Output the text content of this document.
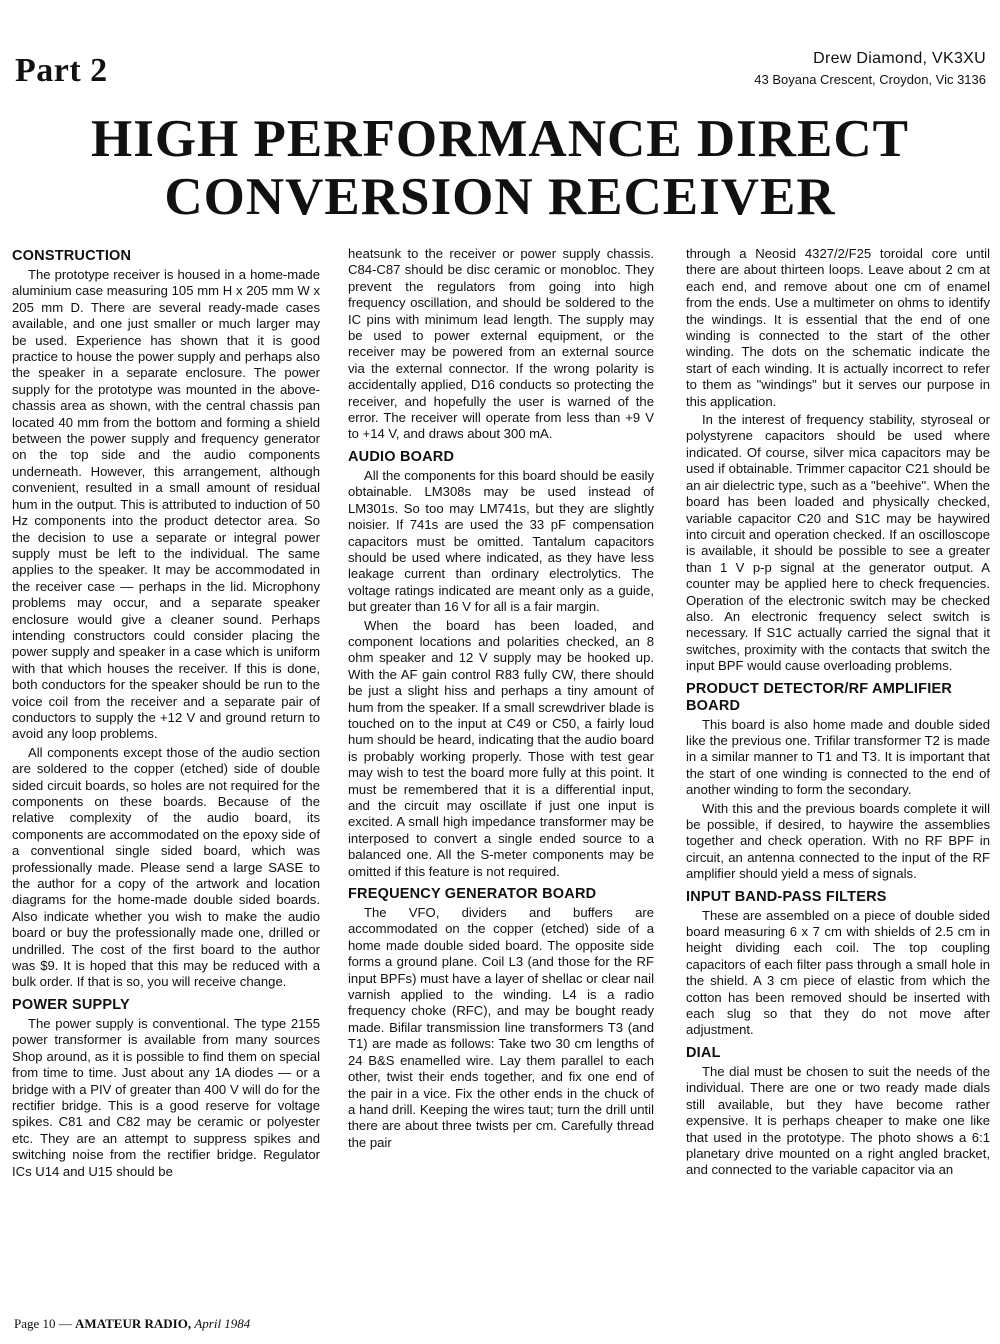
Part 2	Drew Diamond, VK3XU
43 Boyana Crescent, Croydon, Vic 3136
HIGH PERFORMANCE DIRECT
CONVERSION RECEIVER
CONSTRUCTION

The prototype receiver is housed in a home-made aluminium case measuring 105 mm H x 205 mm W x 205 mm D. There are several ready-made cases available, and one just smaller or much larger may be used. Experience has shown that it is good practice to house the power supply and perhaps also the speaker in a separate enclosure. The power supply for the prototype was mounted in the above-chassis area as shown, with the central chassis pan located 40 mm from the bottom and forming a shield between the power supply and frequency generator on the top side and the audio components underneath. However, this arrangement, although convenient, resulted in a small amount of residual hum in the output. This is attributed to induction of 50 Hz components into the product detector area. So the decision to use a separate or integral power supply must be left to the individual. The same applies to the speaker. It may be accommodated in the receiver case — perhaps in the lid. Microphony problems may occur, and a separate speaker enclosure would give a cleaner sound. Perhaps intending constructors could consider placing the power supply and speaker in a case which is uniform with that which houses the receiver. If this is done, both conductors for the speaker should be run to the voice coil from the receiver and a separate pair of conductors to supply the +12 V and ground return to avoid any loop problems.

All components except those of the audio section are soldered to the copper (etched) side of double sided circuit boards, so holes are not required for the components on these boards. Because of the relative complexity of the audio board, its components are accommodated on the epoxy side of a conventional single sided board, which was professionally made. Please send a large SASE to the author for a copy of the artwork and location diagrams for the home-made double sided boards. Also indicate whether you wish to make the audio board or buy the professionally made one, drilled or undrilled. The cost of the first board to the author was $9. It is hoped that this may be reduced with a bulk order. If that is so, you will receive change.

POWER SUPPLY

The power supply is conventional. The type 2155 power transformer is available from many sources Shop around, as it is possible to find them on special from time to time. Just about any 1A diodes — or a bridge with a PIV of greater than 400 V will do for the rectifier bridge. This is a good reserve for voltage spikes. C81 and C82 may be ceramic or polyester etc. They are an attempt to suppress spikes and switching noise from the rectifier bridge. Regulator ICs U14 and U15 should be

heatsunk to the receiver or power supply chassis. C84-C87 should be disc ceramic or monobloc. They prevent the regulators from going into high frequency oscillation, and should be soldered to the IC pins with minimum lead length. The supply may be used to power external equipment, or the receiver may be powered from an external source via the external connector. If the wrong polarity is accidentally applied, D16 conducts so protecting the receiver, and hopefully the user is warned of the error. The receiver will operate from less than +9 V to +14 V, and draws about 300 mA.

AUDIO BOARD

All the components for this board should be easily obtainable. LM308s may be used instead of LM301s. So too may LM741s, but they are slightly noisier. If 741s are used the 33 pF compensation capacitors must be omitted. Tantalum capacitors should be used where indicated, as they have less leakage current than ordinary electrolytics. The voltage ratings indicated are meant only as a guide, but greater than 16 V for all is a fair margin.

When the board has been loaded, and component locations and polarities checked, an 8 ohm speaker and 12 V supply may be hooked up. With the AF gain control R83 fully CW, there should be just a slight hiss and perhaps a tiny amount of hum from the speaker. If a small screwdriver blade is touched on to the input at C49 or C50, a fairly loud hum should be heard, indicating that the audio board is probably working properly. Those with test gear may wish to test the board more fully at this point. It must be remembered that it is a differential input, and the circuit may oscillate if just one input is excited. A small high impedance transformer may be interposed to convert a single ended source to a balanced one. All the S-meter components may be omitted if this feature is not required.

FREQUENCY GENERATOR BOARD

The VFO, dividers and buffers are accommodated on the copper (etched) side of a home made double sided board. The opposite side forms a ground plane. Coil L3 (and those for the RF input BPFs) must have a layer of shellac or clear nail varnish applied to the winding. L4 is a radio frequency choke (RFC), and may be bought ready made. Bifilar transmission line transformers T3 (and T1) are made as follows: Take two 30 cm lengths of 24 B&S enamelled wire. Lay them parallel to each other, twist their ends together, and fix one end of the pair in a vice. Fix the other ends in the chuck of a hand drill. Keeping the wires taut; turn the drill until there are about three twists per cm. Carefully thread the pair

through a Neosid 4327/2/F25 toroidal core until there are about thirteen loops. Leave about 2 cm at each end, and remove about one cm of enamel from the ends. Use a multimeter on ohms to identify the windings. It is essential that the end of one winding is connected to the start of the other winding. The dots on the schematic indicate the start of each winding. It is actually incorrect to refer to them as "windings" but it serves our purpose in this application.

In the interest of frequency stability, styroseal or polystyrene capacitors should be used where indicated. Of course, silver mica capacitors may be used if obtainable. Trimmer capacitor C21 should be an air dielectric type, such as a "beehive". When the board has been loaded and physically checked, variable capacitor C20 and S1C may be haywired into circuit and operation checked. If an oscilloscope is available, it should be possible to see a greater than 1 V p-p signal at the generator output. A counter may be applied here to check frequencies. Operation of the electronic switch may be checked also. An electronic frequency select switch is necessary. If S1C actually carried the signal that it switches, proximity with the contacts that switch the input BPF would cause overloading problems.

PRODUCT DETECTOR/RF AMPLIFIER BOARD

This board is also home made and double sided like the previous one. Trifilar transformer T2 is made in a similar manner to T1 and T3. It is important that the start of one winding is connected to the end of another winding to form the secondary.

With this and the previous boards complete it will be possible, if desired, to haywire the assemblies together and check operation. With no RF BPF in circuit, an antenna connected to the input of the RF amplifier should yield a mess of signals.

INPUT BAND-PASS FILTERS

These are assembled on a piece of double sided board measuring 6 x 7 cm with shields of 2.5 cm in height dividing each coil. The top coupling capacitors of each filter pass through a small hole in the shield. A 3 cm piece of elastic from which the cotton has been removed should be inserted with each slug so that they do not move after adjustment.

DIAL

The dial must be chosen to suit the needs of the individual. There are one or two ready made dials still available, but they have become rather expensive. It is perhaps cheaper to make one like that used in the prototype. The photo shows a 6:1 planetary drive mounted on a right angled bracket, and connected to the variable capacitor via an

Page 10 — AMATEUR RADIO, April 1984
